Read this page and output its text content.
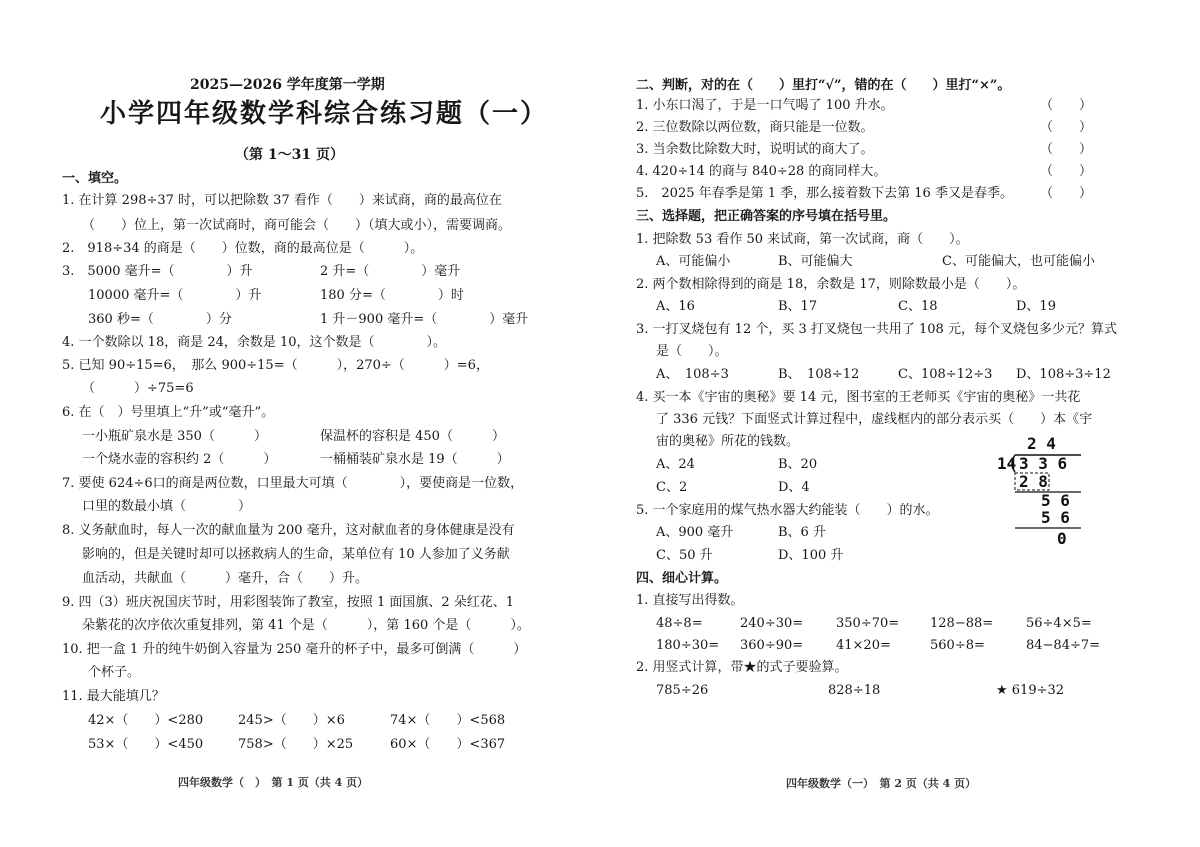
2025—2026 学年度第一学期
小学四年级数学科综合练习题（一）
（第 1～31 页）
一、填空。
1. 在计算 298÷37 时，可以把除数 37 看作（　　）来试商，商的最高位在
（　　）位上，第一次试商时，商可能会（　　）（填大或小），需要调商。
2.　918÷34 的商是（　　）位数，商的最高位是（　　　）。
3.　5000 毫升=（　　　　）升	2 升=（　　　　）毫升
10000 毫升=（　　　　）升	180 分=（　　　　）时
360 秒=（　　　　）分	1 升－900 毫升=（　　　　）毫升
4. 一个数除以 18，商是 24，余数是 10，这个数是（　　　　）。
5. 已知 90÷15=6，　那么 900÷15=（　　　），270÷（　　　）=6，
（　　　）÷75=6
6. 在（　）号里填上“升”或“毫升”。
一小瓶矿泉水是 350（　　　）	保温杯的容积是 450（　　　）
一个烧水壶的容积约 2（　　　）	一桶桶装矿泉水是 19（　　　）
7. 要使 624÷6口的商是两位数，口里最大可填（　　　　），要使商是一位数，
口里的数最小填（　　　　）
8. 义务献血时，每人一次的献血量为 200 毫升，这对献血者的身体健康是没有
影响的，但是关键时却可以拯救病人的生命，某单位有 10 人参加了义务献
血活动，共献血（　　　）毫升，合（　　）升。
9. 四（3）班庆祝国庆节时，用彩图装饰了教室，按照 1 面国旗、2 朵红花、1
朵紫花的次序依次重复排列，第 41 个是（　　　），第 160 个是（　　　）。
10. 把一盒 1 升的纯牛奶倒入容量为 250 毫升的杯子中，最多可倒满（　　　）
个杯子。
11. 最大能填几？
42×（　　）<280	245>（　　）×6	74×（　　）<568
53×（　　）<450	758>（　　）×25	60×（　　）<367
四年级数学（　）　第 1 页（共 4 页）
二、判断，对的在（　　）里打“√”，错的在（　　）里打“×”。
1. 小东口渴了，于是一口气喝了 100 升水。	（　　）
2. 三位数除以两位数，商只能是一位数。	（　　）
3. 当余数比除数大时，说明试的商大了。	（　　）
4. 420÷14 的商与 840÷28 的商同样大。	（　　）
5.　2025 年春季是第 1 季，那么接着数下去第 16 季又是春季。 （　　）
三、选择题，把正确答案的序号填在括号里。
1. 把除数 53 看作 50 来试商，第一次试商，商（　　）。
A、可能偏小	B、可能偏大	C、可能偏大，也可能偏小
2. 两个数相除得到的商是 18，余数是 17，则除数最小是（　　）。
A、16	B、17	C、18	D、19
3. 一打叉烧包有 12 个，买 3 打叉烧包一共用了 108 元，每个叉烧包多少元？算式
是（　　）。
A、　108÷3	B、　108÷12	C、108÷12÷3 D、108÷3÷12
4. 买一本《宇宙的奥秘》要 14 元，图书室的王老师买《宇宙的奥秘》一共花
了 336 元钱？下面竖式计算过程中，虚线框内的部分表示买（　　）本《宇
宙的奥秘》所花的钱数。
A、24	B、20
C、2	D、4
5. 一个家庭用的煤气热水器大约能装（　　）的水。
A、900 毫升	B、6 升
C、50 升	D、100 升
四、细心计算。
1. 直接写出得数。
48÷8=	240÷30=	350÷70= 128−88=	56÷4×5=
180÷30= 360÷90=	41×20=	560÷8=	84−84÷7=
2. 用竖式计算，带★的式子要验算。
785÷26	828÷18	★ 619÷32
四年级数学（一）　第 2 页（共 4 页）
2 4
14 3 3 6
2 8
5 6
5 6
0
